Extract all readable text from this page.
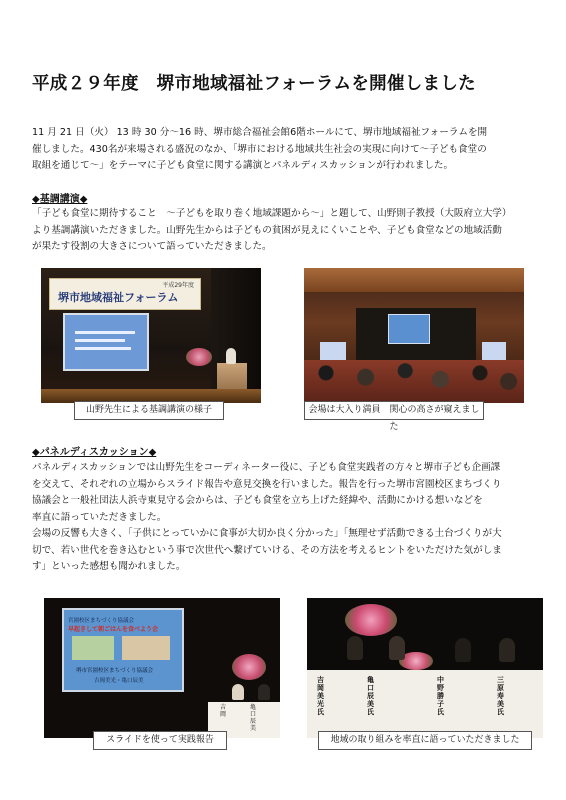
平成２９年度　堺市地域福祉フォーラムを開催しました
11 月 21 日（火） 13 時 30 分～16 時、堺市総合福祉会館6階ホールにて、堺市地域福祉フォーラムを開
催しました。430名が来場される盛況のなか、「堺市における地域共生社会の実現に向けて～子ども食堂の
取組を通じて～」をテーマに子ども食堂に関する講演とパネルディスカッションが行われました。
◆基調講演◆
「子ども食堂に期待すること　～子どもを取り巻く地域課題から～」と題して、山野則子教授（大阪府立大学）
より基調講演いただきました。山野先生からは子どもの貧困が見えにくいことや、子ども食堂などの地域活動
が果たす役割の大きさについて語っていただきました。
平成29年度
堺市地域福祉フォーラム
山野先生による基調講演の様子	会場は大入り満員　関心の高さが窺えました
◆パネルディスカッション◆
パネルディスカッションでは山野先生をコーディネーター役に、子ども食堂実践者の方々と堺市子ども企画課
を交えて、それぞれの立場からスライド報告や意見交換を行いました。報告を行った堺市宮園校区まちづくり
協議会と一般社団法人浜寺東見守る会からは、子ども食堂を立ち上げた経緯や、活動にかける想いなどを
率直に語っていただきました。
会場の反響も大きく、「子供にとっていかに食事が大切か良く分かった」「無理せず活動できる土台づくりが大
切で、若い世代を巻き込むという事で次世代へ繋げていける、その方法を考えるヒントをいただけた気がしま
す」といった感想も聞かれました。
宮園校区まちづくり協議会
早起きして朝ごはんを食べよう会
堺市宮園校区まちづくり協議会
吉岡美光・亀口辰美
吉岡
亀口辰美
スライドを使って実践報告
吉岡美光氏
亀口辰美氏
中野勝子氏
三原寿美氏
地域の取り組みを率直に語っていただきました
